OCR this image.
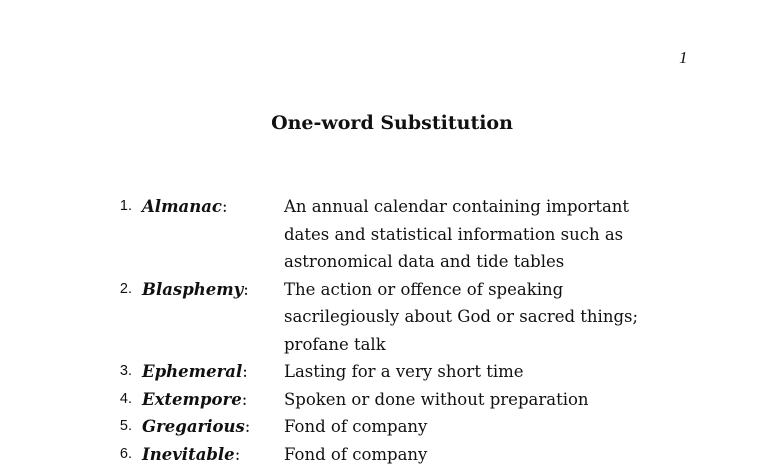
1
One-word Substitution
1. Almanac:	An annual calendar containing important dates and statistical information such as astronomical data and tide tables
2. Blasphemy:	The action or offence of speaking sacrilegiously about God or sacred things; profane talk
3. Ephemeral:	Lasting for a very short time
4. Extempore:	Spoken or done without preparation
5. Gregarious:	Fond of company
6. Inevitable:	Fond of company
